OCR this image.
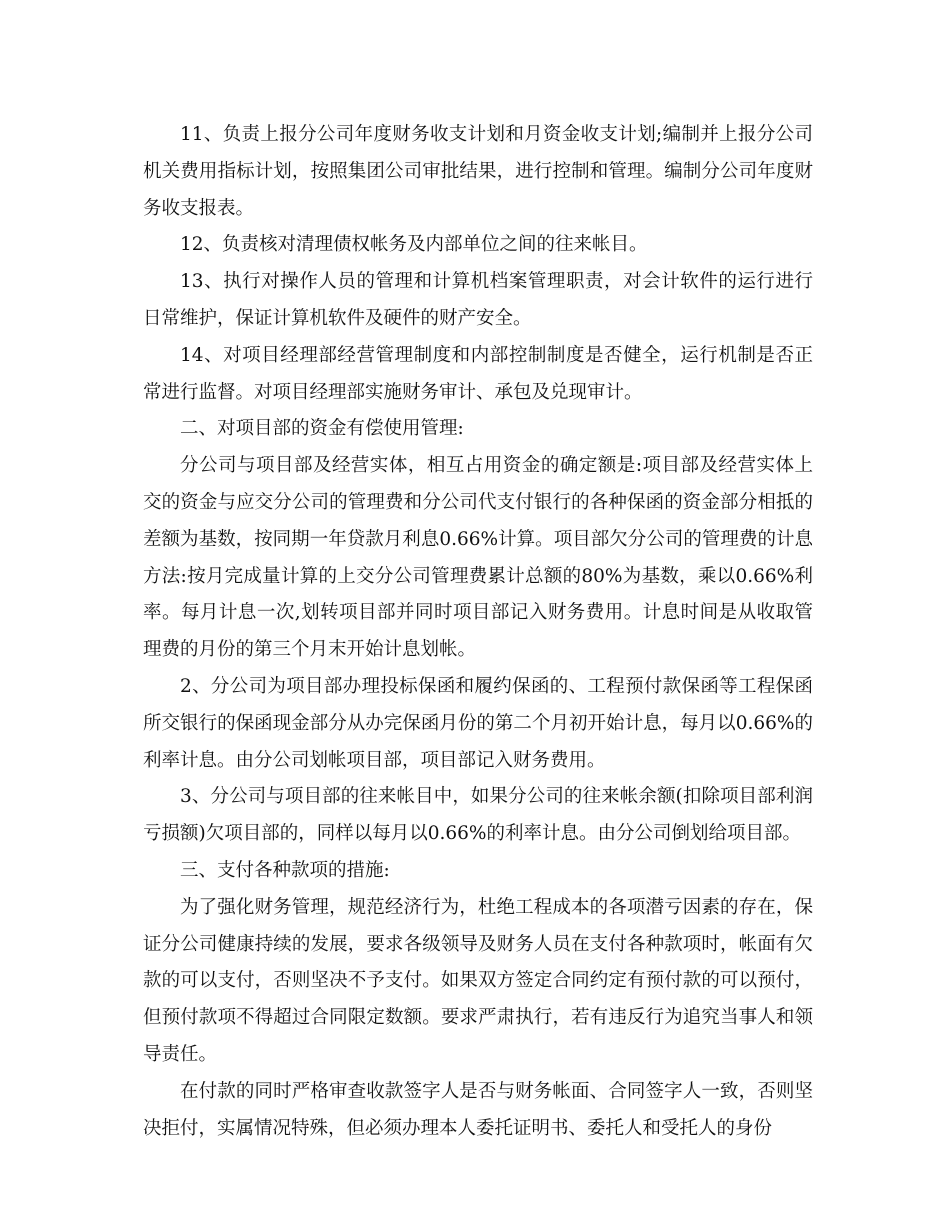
11、负责上报分公司年度财务收支计划和月资金收支计划;编制并上报分公司机关费用指标计划，按照集团公司审批结果，进行控制和管理。编制分公司年度财务收支报表。

12、负责核对清理债权帐务及内部单位之间的往来帐目。

13、执行对操作人员的管理和计算机档案管理职责，对会计软件的运行进行日常维护，保证计算机软件及硬件的财产安全。

14、对项目经理部经营管理制度和内部控制制度是否健全，运行机制是否正常进行监督。对项目经理部实施财务审计、承包及兑现审计。

二、对项目部的资金有偿使用管理:

分公司与项目部及经营实体，相互占用资金的确定额是:项目部及经营实体上交的资金与应交分公司的管理费和分公司代支付银行的各种保函的资金部分相抵的差额为基数，按同期一年贷款月利息0.66%计算。项目部欠分公司的管理费的计息方法:按月完成量计算的上交分公司管理费累计总额的80%为基数，乘以0.66%利率。每月计息一次,划转项目部并同时项目部记入财务费用。计息时间是从收取管理费的月份的第三个月末开始计息划帐。

2、分公司为项目部办理投标保函和履约保函的、工程预付款保函等工程保函所交银行的保函现金部分从办完保函月份的第二个月初开始计息，每月以0.66%的利率计息。由分公司划帐项目部，项目部记入财务费用。

3、分公司与项目部的往来帐目中，如果分公司的往来帐余额(扣除项目部利润亏损额)欠项目部的，同样以每月以0.66%的利率计息。由分公司倒划给项目部。

三、支付各种款项的措施:

为了强化财务管理，规范经济行为，杜绝工程成本的各项潜亏因素的存在，保证分公司健康持续的发展，要求各级领导及财务人员在支付各种款项时，帐面有欠款的可以支付，否则坚决不予支付。如果双方签定合同约定有预付款的可以预付，但预付款项不得超过合同限定数额。要求严肃执行，若有违反行为追究当事人和领导责任。

在付款的同时严格审查收款签字人是否与财务帐面、合同签字人一致，否则坚决拒付，实属情况特殊，但必须办理本人委托证明书、委托人和受托人的身份
